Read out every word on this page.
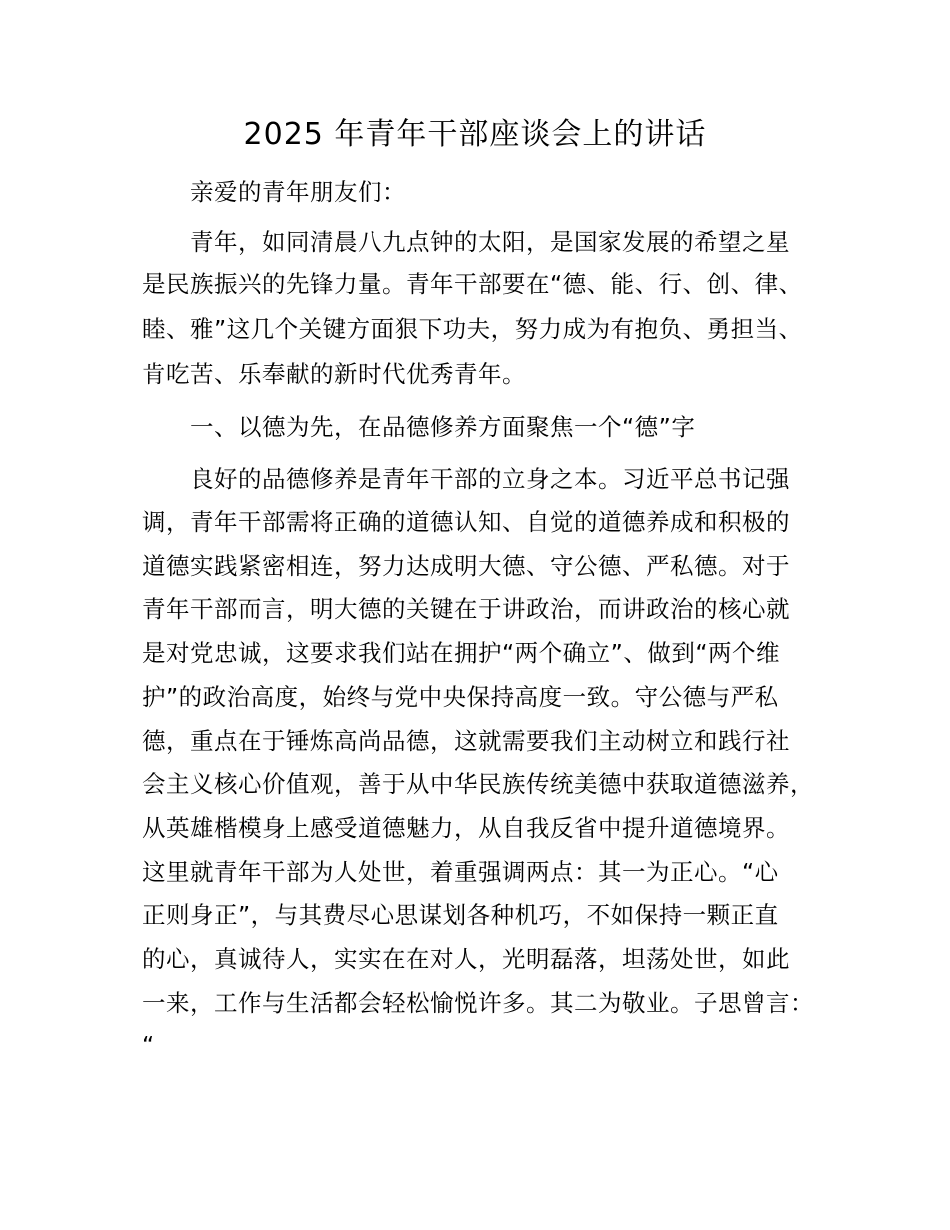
2025 年青年干部座谈会上的讲话
亲爱的青年朋友们：
青年，如同清晨八九点钟的太阳，是国家发展的希望之星
是民族振兴的先锋力量。青年干部要在“德、能、行、创、律、
睦、雅”这几个关键方面狠下功夫，努力成为有抱负、勇担当、
肯吃苦、乐奉献的新时代优秀青年。
一、以德为先，在品德修养方面聚焦一个“德”字
良好的品德修养是青年干部的立身之本。习近平总书记强
调，青年干部需将正确的道德认知、自觉的道德养成和积极的
道德实践紧密相连，努力达成明大德、守公德、严私德。对于
青年干部而言，明大德的关键在于讲政治，而讲政治的核心就
是对党忠诚，这要求我们站在拥护“两个确立”、做到“两个维
护”的政治高度，始终与党中央保持高度一致。守公德与严私
德，重点在于锤炼高尚品德，这就需要我们主动树立和践行社
会主义核心价值观，善于从中华民族传统美德中获取道德滋养，
从英雄楷模身上感受道德魅力，从自我反省中提升道德境界。
这里就青年干部为人处世，着重强调两点：其一为正心。“心
正则身正”，与其费尽心思谋划各种机巧，不如保持一颗正直
的心，真诚待人，实实在在对人，光明磊落，坦荡处世，如此
一来，工作与生活都会轻松愉悦许多。其二为敬业。子思曾言：
“
